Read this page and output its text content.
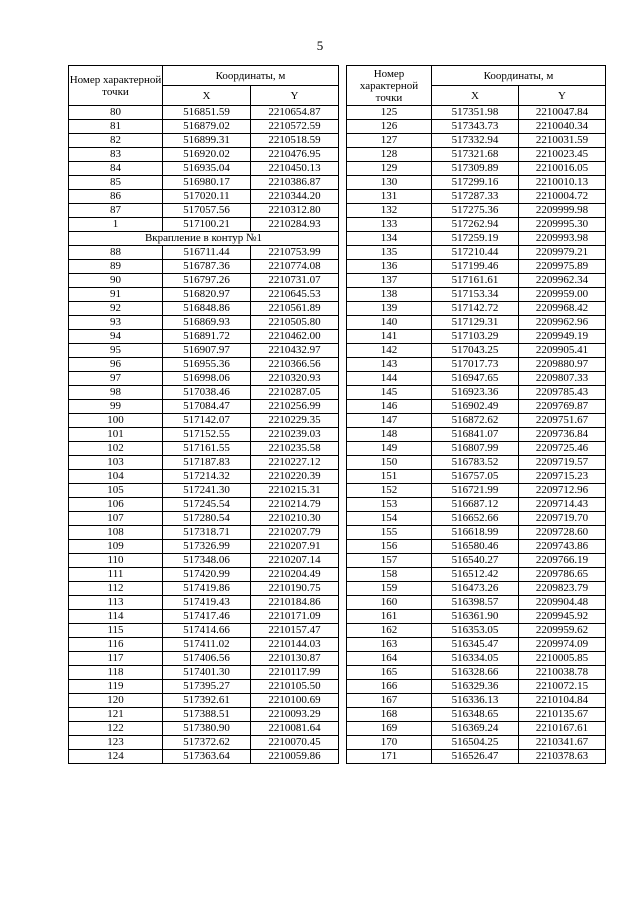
5
Номер характерной точки	Координаты, м	
	X	Y
80	516851.59	2210654.87
81	516879.02	2210572.59
82	516899.31	2210518.59
83	516920.02	2210476.95
84	516935.04	2210450.13
85	516980.17	2210386.87
86	517020.11	2210344.20
87	517057.56	2210312.80
1	517100.21	2210284.93
Вкрапление в контур №1		
88	516711.44	2210753.99
89	516787.36	2210774.08
90	516797.26	2210731.07
91	516820.97	2210645.53
92	516848.86	2210561.89
93	516869.93	2210505.80
94	516891.72	2210462.00
95	516907.97	2210432.97
96	516955.36	2210366.56
97	516998.06	2210320.93
98	517038.46	2210287.05
99	517084.47	2210256.99
100	517142.07	2210229.35
101	517152.55	2210239.03
102	517161.55	2210235.58
103	517187.83	2210227.12
104	517214.32	2210220.39
105	517241.30	2210215.31
106	517245.54	2210214.79
107	517280.54	2210210.30
108	517318.71	2210207.79
109	517326.99	2210207.91
110	517348.06	2210207.14
111	517420.99	2210204.49
112	517419.86	2210190.75
113	517419.43	2210184.86
114	517417.46	2210171.09
115	517414.66	2210157.47
116	517411.02	2210144.03
117	517406.56	2210130.87
118	517401.30	2210117.99
119	517395.27	2210105.50
120	517392.61	2210100.69
121	517388.51	2210093.29
122	517380.90	2210081.64
123	517372.62	2210070.45
124	517363.64	2210059.86
Номер характерной точки	Координаты, м	
	X	Y
125	517351.98	2210047.84
126	517343.73	2210040.34
127	517332.94	2210031.59
128	517321.68	2210023.45
129	517309.89	2210016.05
130	517299.16	2210010.13
131	517287.33	2210004.72
132	517275.36	2209999.98
133	517262.94	2209995.30
134	517259.19	2209993.98
135	517210.44	2209979.21
136	517199.46	2209975.89
137	517161.61	2209962.34
138	517153.34	2209959.00
139	517142.72	2209968.42
140	517129.31	2209962.96
141	517103.29	2209949.19
142	517043.25	2209905.41
143	517017.73	2209880.97
144	516947.65	2209807.33
145	516923.36	2209785.43
146	516902.49	2209769.87
147	516872.62	2209751.67
148	516841.07	2209736.84
149	516807.99	2209725.46
150	516783.52	2209719.57
151	516757.05	2209715.23
152	516721.99	2209712.96
153	516687.12	2209714.43
154	516652.66	2209719.70
155	516618.99	2209728.60
156	516580.46	2209743.86
157	516540.27	2209766.19
158	516512.42	2209786.65
159	516473.26	2209823.79
160	516398.57	2209904.48
161	516361.90	2209945.92
162	516353.05	2209959.62
163	516345.47	2209974.09
164	516334.05	2210005.85
165	516328.66	2210038.78
166	516329.36	2210072.15
167	516336.13	2210104.84
168	516348.65	2210135.67
169	516369.24	2210167.61
170	516504.25	2210341.67
171	516526.47	2210378.63
